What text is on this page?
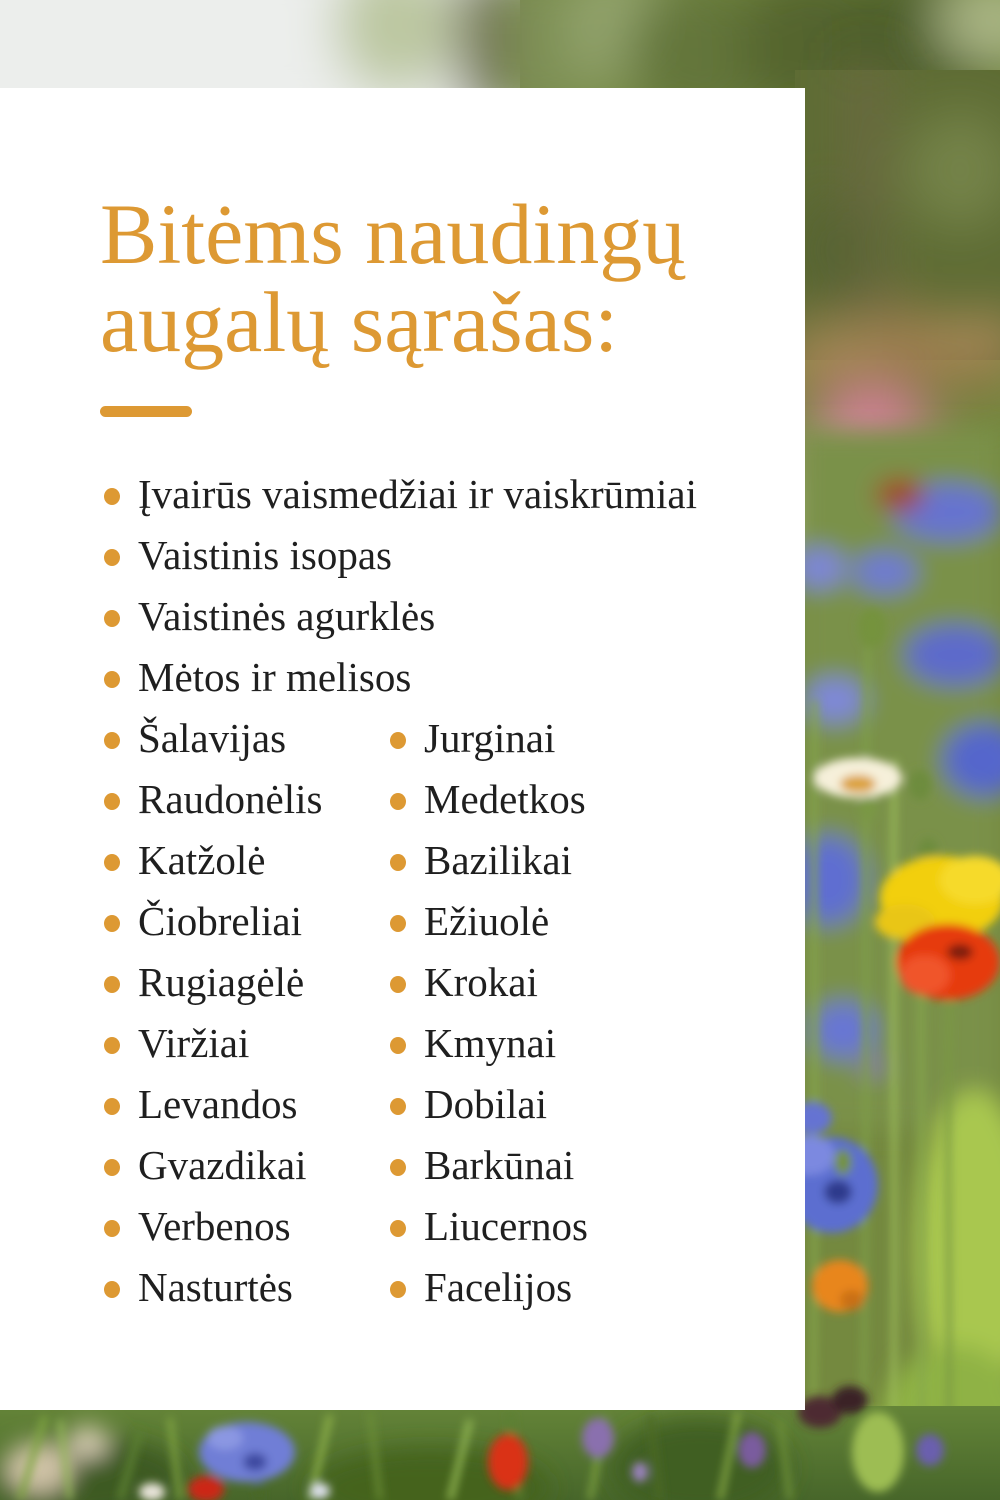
Bitėms naudingų
augalų sąrašas:
Įvairūs vaismedžiai ir vaiskrūmiai
Vaistinis isopas
Vaistinės agurklės
Mėtos ir melisos
Šalavijas
Raudonėlis
Katžolė
Čiobreliai
Rugiagėlė
Viržiai
Levandos
Gvazdikai
Verbenos
Nasturtės
Jurginai
Medetkos
Bazilikai
Ežiuolė
Krokai
Kmynai
Dobilai
Barkūnai
Liucernos
Facelijos
